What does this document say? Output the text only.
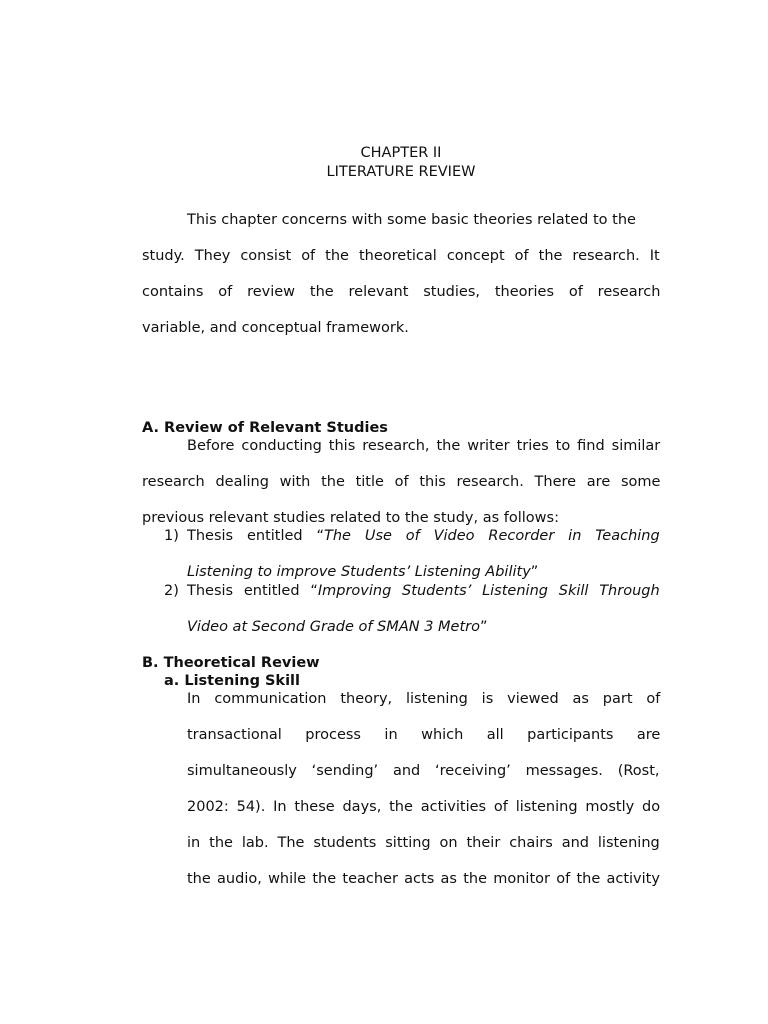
CHAPTER II
LITERATURE REVIEW
This chapter concerns with some basic theories related to the
study. They consist of the theoretical concept of the research. It
contains of review the relevant studies, theories of research
variable, and conceptual framework.
A. Review of Relevant Studies
Before conducting this research, the writer tries to find similar
research dealing with the title of this research. There are some
previous relevant studies related to the study, as follows:
1) Thesis entitled “The Use of Video Recorder in Teaching
Listening to improve Students’ Listening Ability”
2) Thesis entitled “Improving Students’ Listening Skill Through
Video at Second Grade of SMAN 3 Metro”
B. Theoretical Review
a. Listening Skill
In communication theory, listening is viewed as part of
transactional process in which all participants are
simultaneously ‘sending’ and ‘receiving’ messages. (Rost,
2002: 54). In these days, the activities of listening mostly do
in the lab. The students sitting on their chairs and listening
the audio, while the teacher acts as the monitor of the activity
